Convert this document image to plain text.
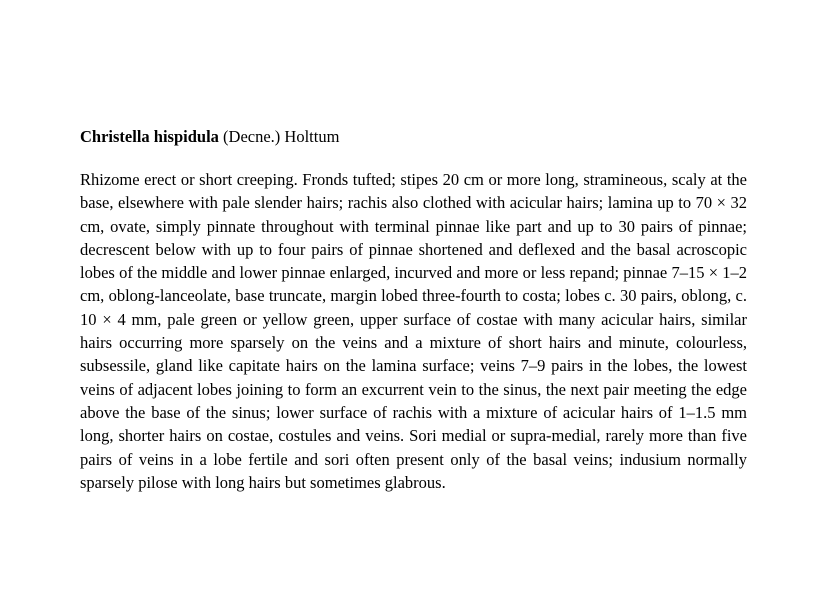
Christella hispidula (Decne.) Holttum

Rhizome erect or short creeping. Fronds tufted; stipes 20 cm or more long, stramineous, scaly at the base, elsewhere with pale slender hairs; rachis also clothed with acicular hairs; lamina up to 70 × 32 cm, ovate, simply pinnate throughout with terminal pinnae like part and up to 30 pairs of pinnae; decrescent below with up to four pairs of pinnae shortened and deflexed and the basal acroscopic lobes of the middle and lower pinnae enlarged, incurved and more or less repand; pinnae 7–15 × 1–2 cm, oblong-lanceolate, base truncate, margin lobed three-fourth to costa; lobes c. 30 pairs, oblong, c. 10 × 4 mm, pale green or yellow green, upper surface of costae with many acicular hairs, similar hairs occurring more sparsely on the veins and a mixture of short hairs and minute, colourless, subsessile, gland like capitate hairs on the lamina surface; veins 7–9 pairs in the lobes, the lowest veins of adjacent lobes joining to form an excurrent vein to the sinus, the next pair meeting the edge above the base of the sinus; lower surface of rachis with a mixture of acicular hairs of 1–1.5 mm long, shorter hairs on costae, costules and veins. Sori medial or supra-medial, rarely more than five pairs of veins in a lobe fertile and sori often present only of the basal veins; indusium normally sparsely pilose with long hairs but sometimes glabrous.
